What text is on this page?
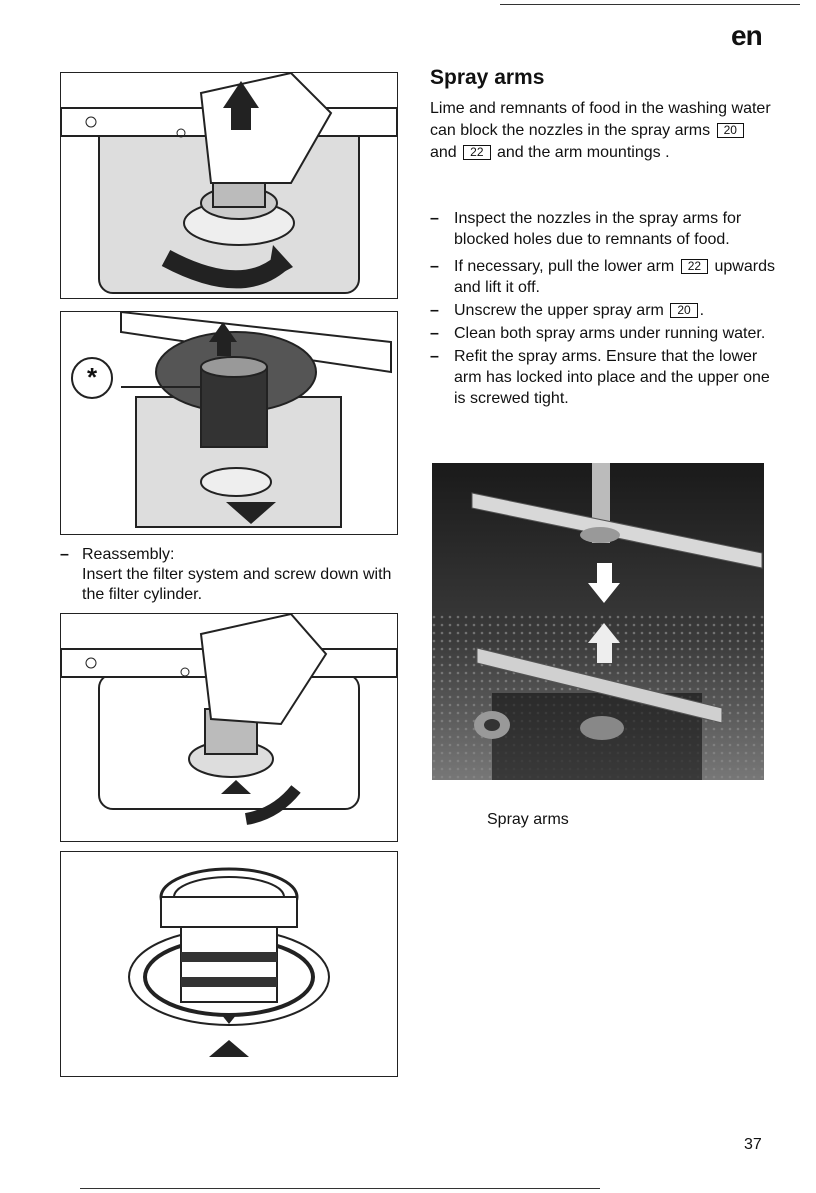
en
*
– Reassembly:
Insert the filter system and screw down with the filter cylinder.
Spray arms
Lime and remnants of food in the washing water can block the nozzles in the spray arms 20 and 22 and the arm mountings .
– Inspect the nozzles in the spray arms for blocked holes due to remnants of food.
– If necessary, pull the lower arm 22 upwards and lift it off.
– Unscrew the upper spray arm 20 .
– Clean both spray arms under running water.
– Refit the spray arms. Ensure that the lower arm has locked into place and the upper one is screwed tight.
Spray arms
37
